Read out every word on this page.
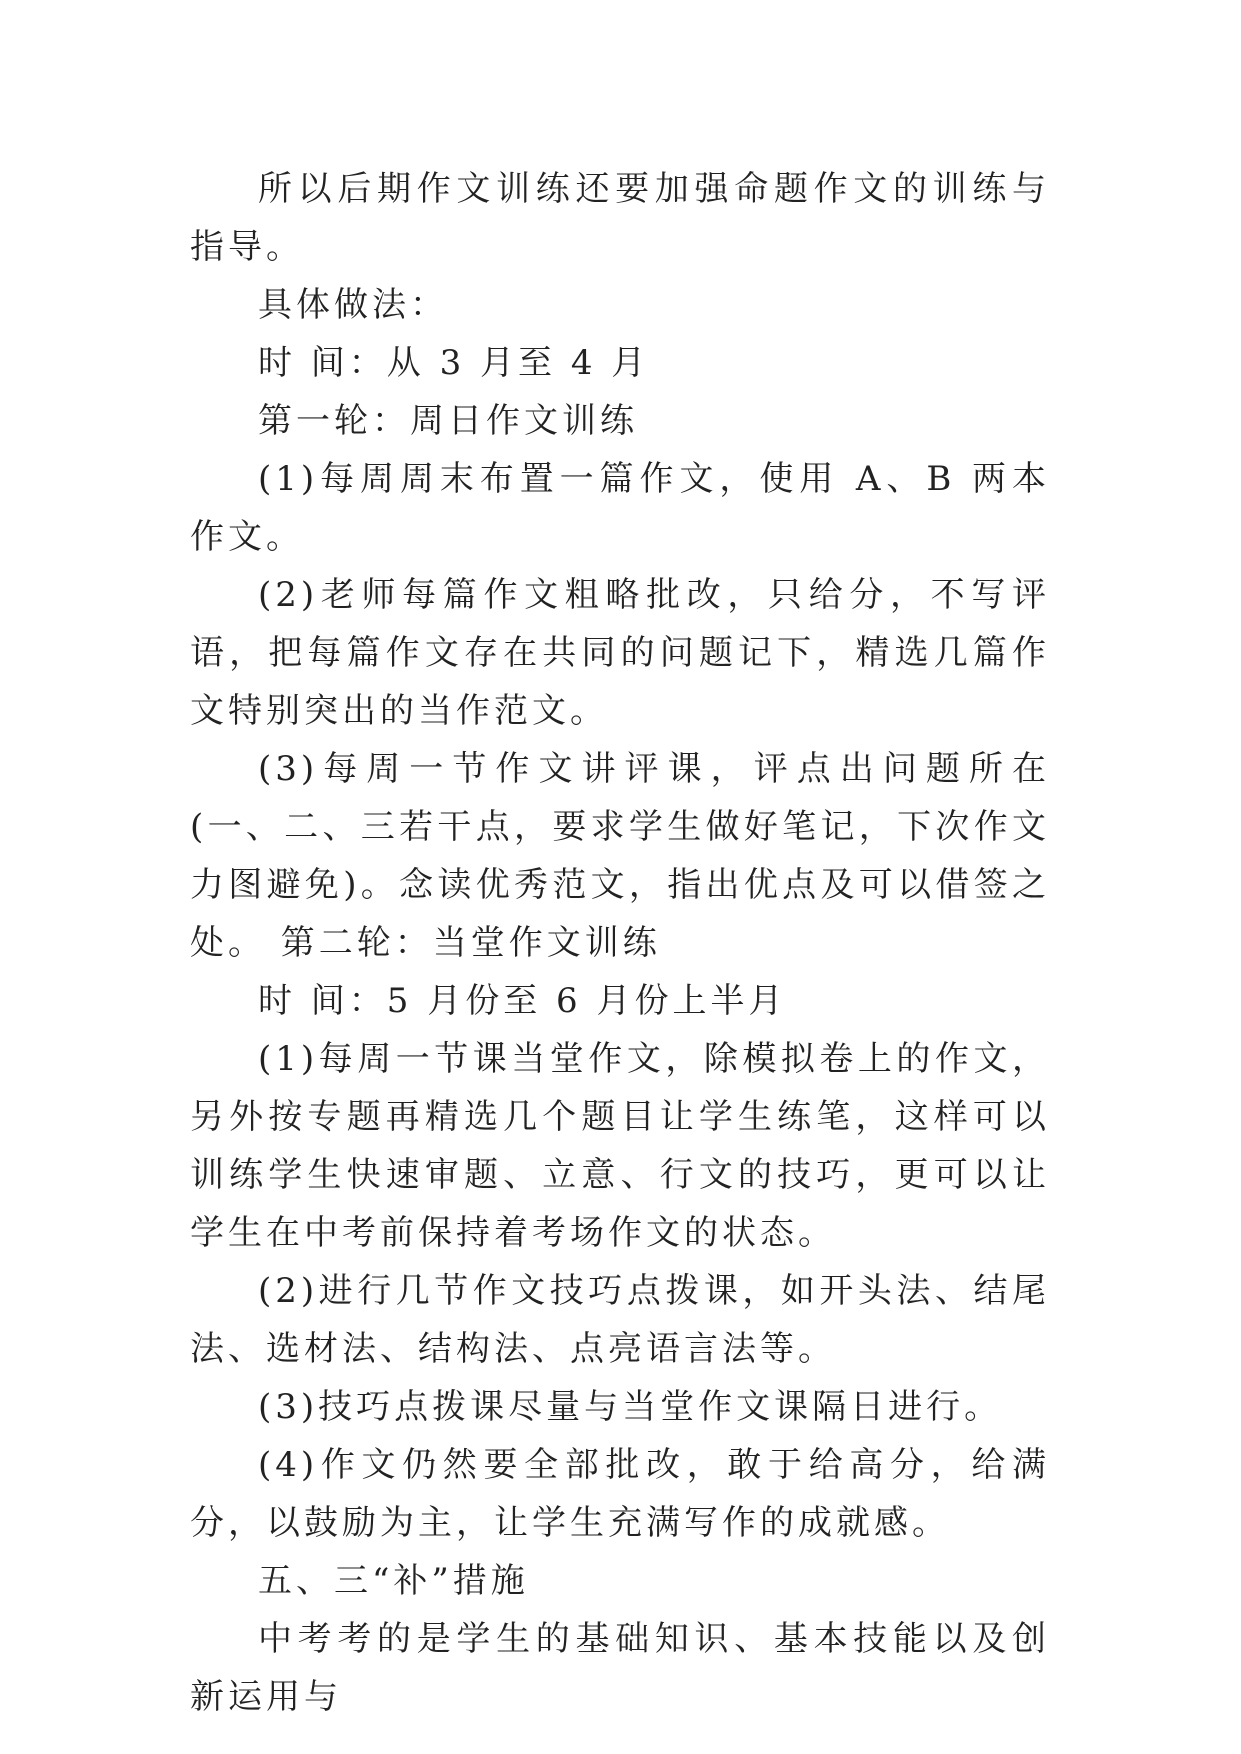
所以后期作文训练还要加强命题作文的训练与指导。

具体做法：

时 间：从 3 月至 4 月

第一轮：周日作文训练

(1)每周周末布置一篇作文，使用 A、B 两本作文。

(2)老师每篇作文粗略批改，只给分，不写评语，把每篇作文存在共同的问题记下，精选几篇作文特别突出的当作范文。

(3)每周一节作文讲评课，评点出问题所在(一、二、三若干点，要求学生做好笔记，下次作文力图避免)。念读优秀范文，指出优点及可以借签之处。 第二轮：当堂作文训练

时 间：5 月份至 6 月份上半月

(1)每周一节课当堂作文，除模拟卷上的作文，另外按专题再精选几个题目让学生练笔，这样可以训练学生快速审题、立意、行文的技巧，更可以让学生在中考前保持着考场作文的状态。

(2)进行几节作文技巧点拨课，如开头法、结尾法、选材法、结构法、点亮语言法等。

(3)技巧点拨课尽量与当堂作文课隔日进行。

(4)作文仍然要全部批改，敢于给高分，给满分，以鼓励为主，让学生充满写作的成就感。

五、三“补”措施

中考考的是学生的基础知识、基本技能以及创新运用与
